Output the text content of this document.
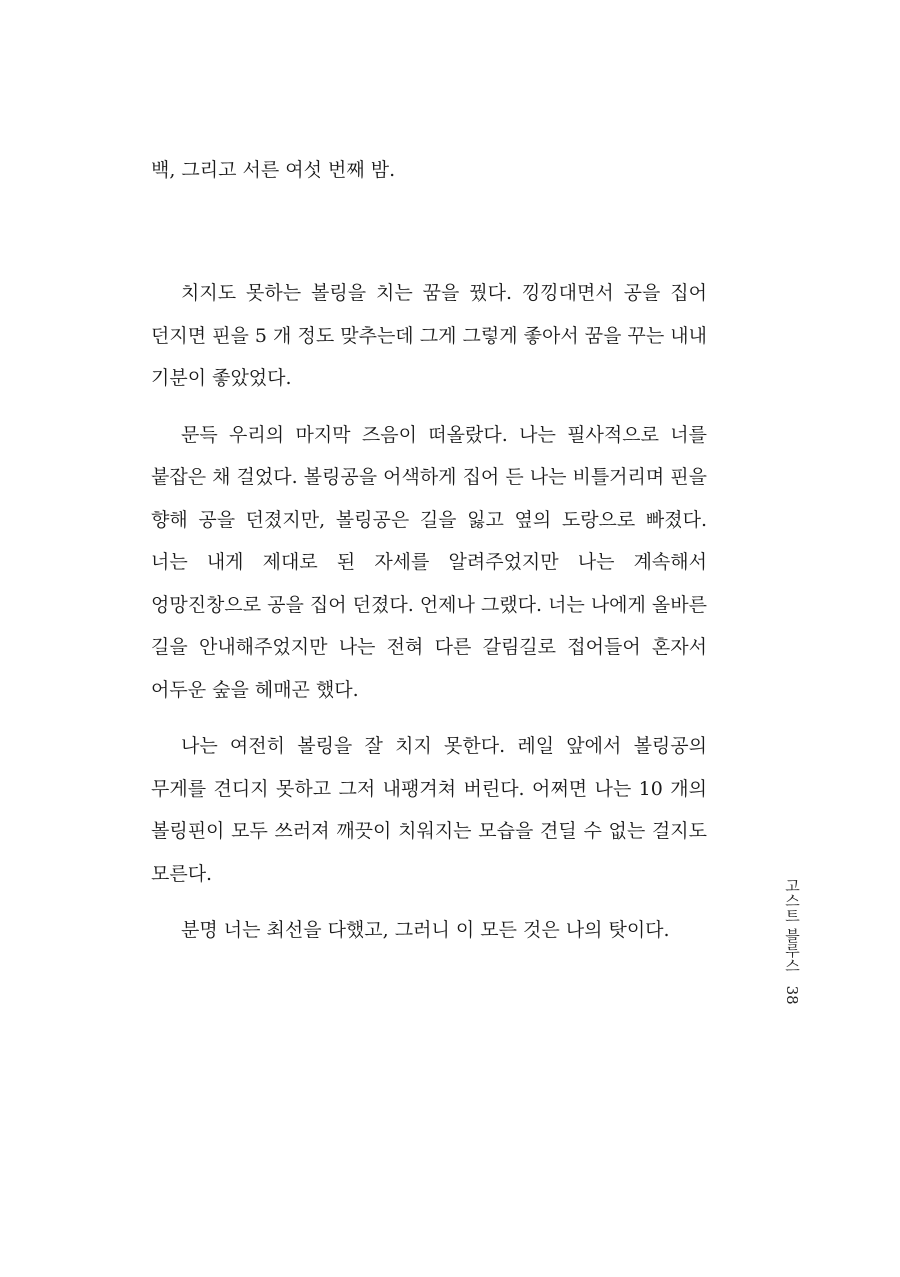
백, 그리고 서른 여섯 번째 밤.

치지도 못하는 볼링을 치는 꿈을 꿨다. 낑낑대면서 공을 집어 던지면 핀을 5 개 정도 맞추는데 그게 그렇게 좋아서 꿈을 꾸는 내내 기분이 좋았었다.

문득 우리의 마지막 즈음이 떠올랐다. 나는 필사적으로 너를 붙잡은 채 걸었다. 볼링공을 어색하게 집어 든 나는 비틀거리며 핀을 향해 공을 던졌지만, 볼링공은 길을 잃고 옆의 도랑으로 빠졌다. 너는 내게 제대로 된 자세를 알려주었지만 나는 계속해서 엉망진창으로 공을 집어 던졌다. 언제나 그랬다. 너는 나에게 올바른 길을 안내해주었지만 나는 전혀 다른 갈림길로 접어들어 혼자서 어두운 숲을 헤매곤 했다.

나는 여전히 볼링을 잘 치지 못한다. 레일 앞에서 볼링공의 무게를 견디지 못하고 그저 내팽겨쳐 버린다. 어쩌면 나는 10 개의 볼링핀이 모두 쓰러져 깨끗이 치워지는 모습을 견딜 수 없는 걸지도 모른다.

분명 너는 최선을 다했고, 그러니 이 모든 것은 나의 탓이다.	고스트 블루스 38
